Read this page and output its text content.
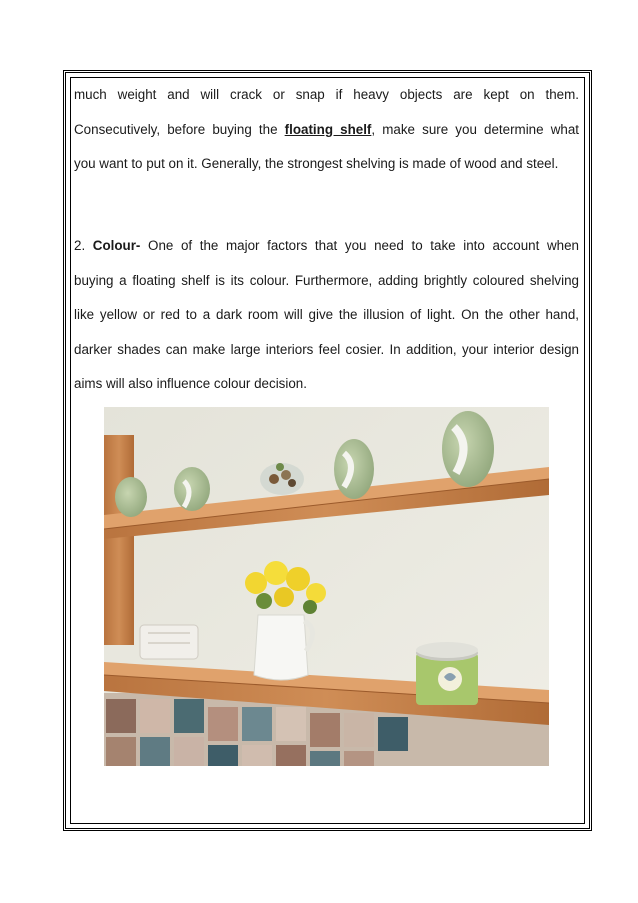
much weight and will crack or snap if heavy objects are kept on them.
Consecutively, before buying the floating shelf, make sure you determine what
you want to put on it. Generally, the strongest shelving is made of wood and steel.
2. Colour- One of the major factors that you need to take into account when
buying a floating shelf is its colour. Furthermore, adding brightly coloured shelving
like yellow or red to a dark room will give the illusion of light. On the other hand,
darker shades can make large interiors feel cosier. In addition, your interior design
aims will also influence colour decision.
